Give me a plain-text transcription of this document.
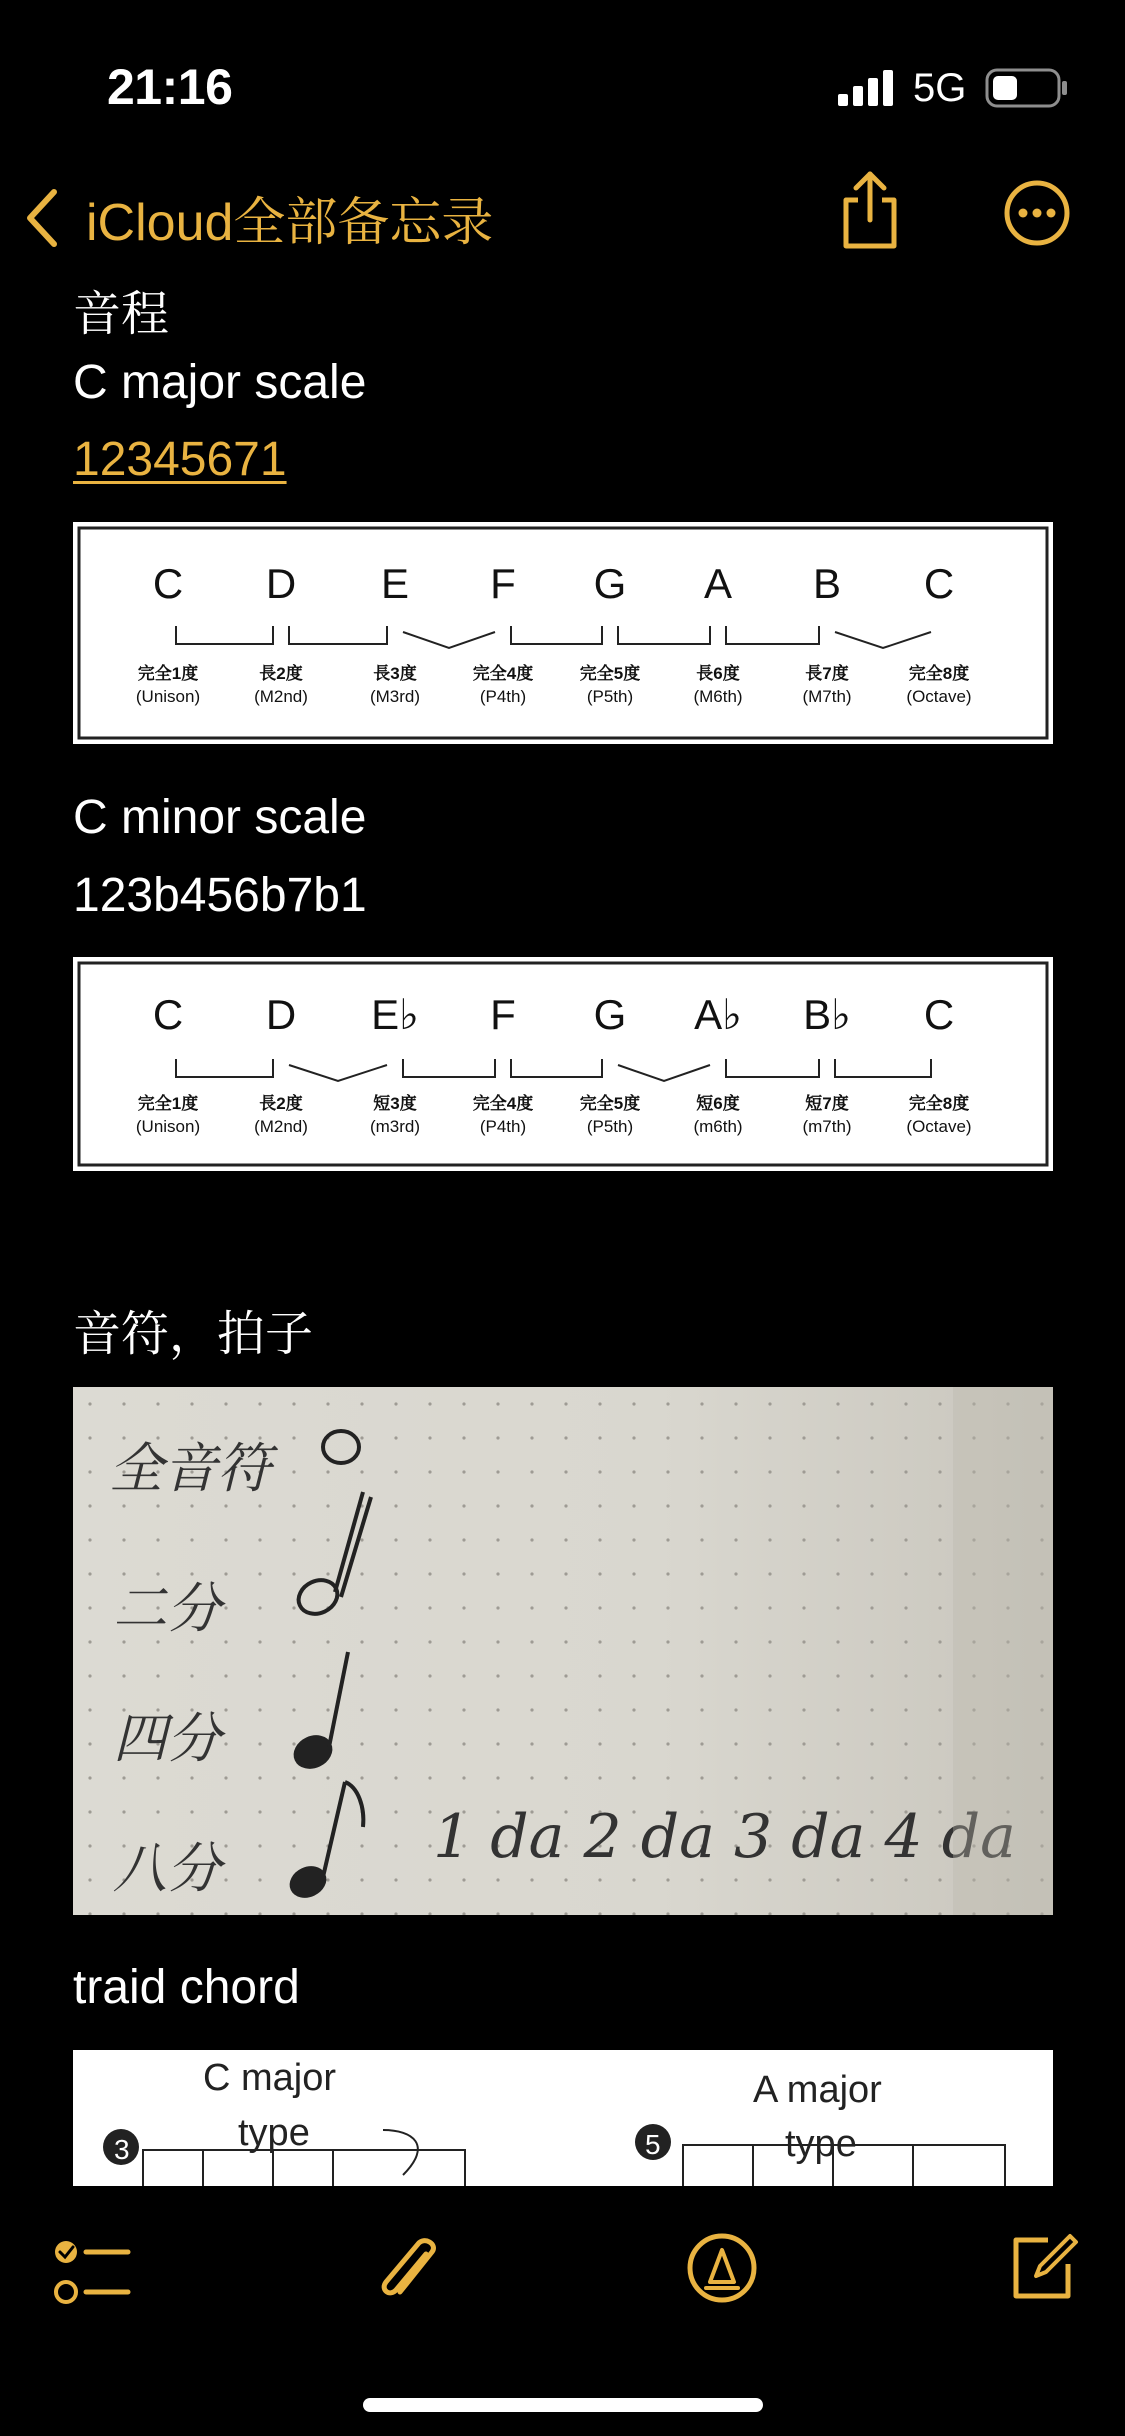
21:16	5G
iCloud全部备忘录
音程
C major scale
12345671
C D E F G A B C
完全1度	長2度	長3度	完全4度	完全5度	長6度	長7度	完全8度
(Unison)	(M2nd)	(M3rd)	(P4th)	(P5th)	(M6th)	(M7th)	(Octave)
C minor scale
123b456b7b1
C D E♭ F G A♭ B♭ C
完全1度	長2度	短3度	完全4度	完全5度	短6度	短7度	完全8度
(Unison)	(M2nd)	(m3rd)	(P4th)	(P5th)	(m6th)	(m7th)	(Octave)
音符，拍子
全音符
二分
四分
八分	1 da 2 da 3 da 4 da
traid chord
C major
type
3
A major
type
5
